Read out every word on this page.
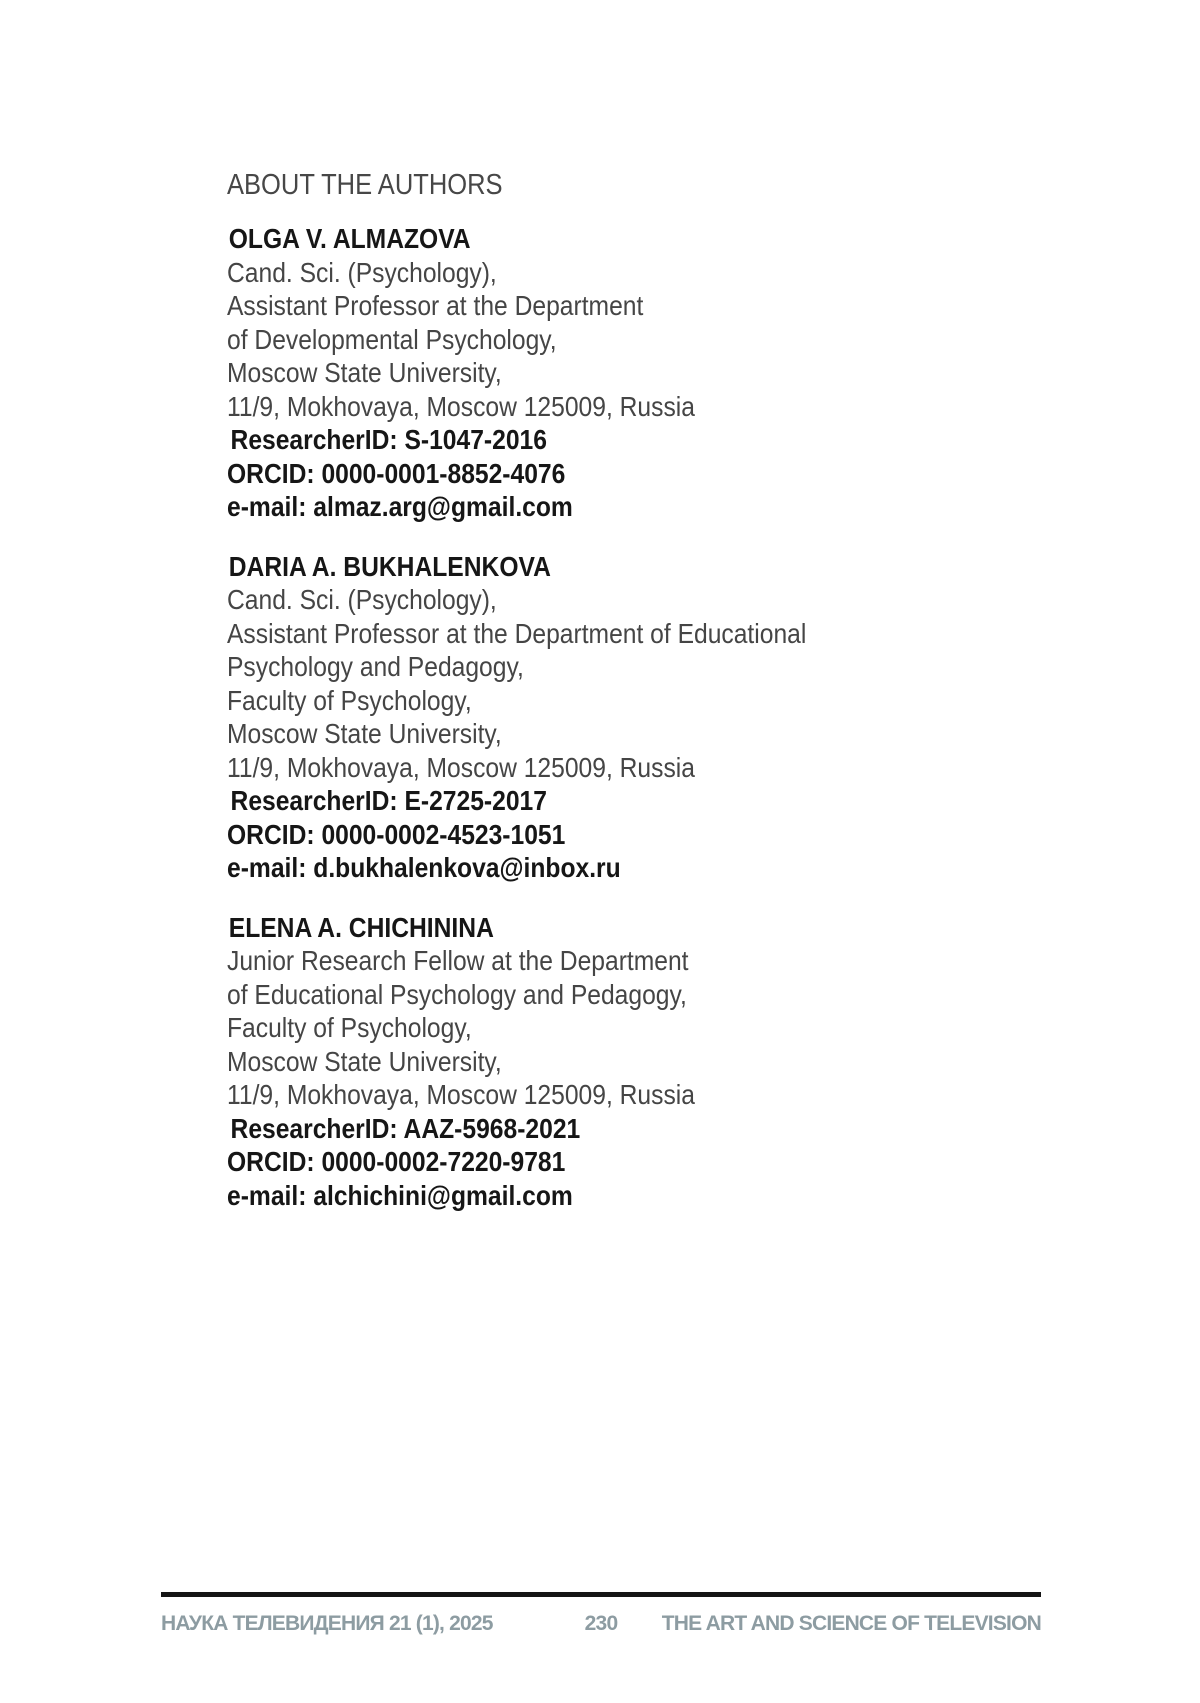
ABOUT THE AUTHORS
OLGA V. ALMAZOVA
Cand. Sci. (Psychology),
Assistant Professor at the Department
of Developmental Psychology,
Moscow State University,
11/9, Mokhovaya, Moscow 125009, Russia
ResearcherID: S-1047-2016
ORCID: 0000-0001-8852-4076
e-mail: almaz.arg@gmail.com
DARIA A. BUKHALENKOVA
Cand. Sci. (Psychology),
Assistant Professor at the Department of Educational
Psychology and Pedagogy,
Faculty of Psychology,
Moscow State University,
11/9, Mokhovaya, Moscow 125009, Russia
ResearcherID: E-2725-2017
ORCID: 0000-0002-4523-1051
e-mail: d.bukhalenkova@inbox.ru
ELENA A. CHICHININA
Junior Research Fellow at the Department
of Educational Psychology and Pedagogy,
Faculty of Psychology,
Moscow State University,
11/9, Mokhovaya, Moscow 125009, Russia
ResearcherID: AAZ-5968-2021
ORCID: 0000-0002-7220-9781
e-mail: alchichini@gmail.com
НАУКА ТЕЛЕВИДЕНИЯ 21 (1), 2025	230 THE ART AND SCIENCE OF TELEVISION
